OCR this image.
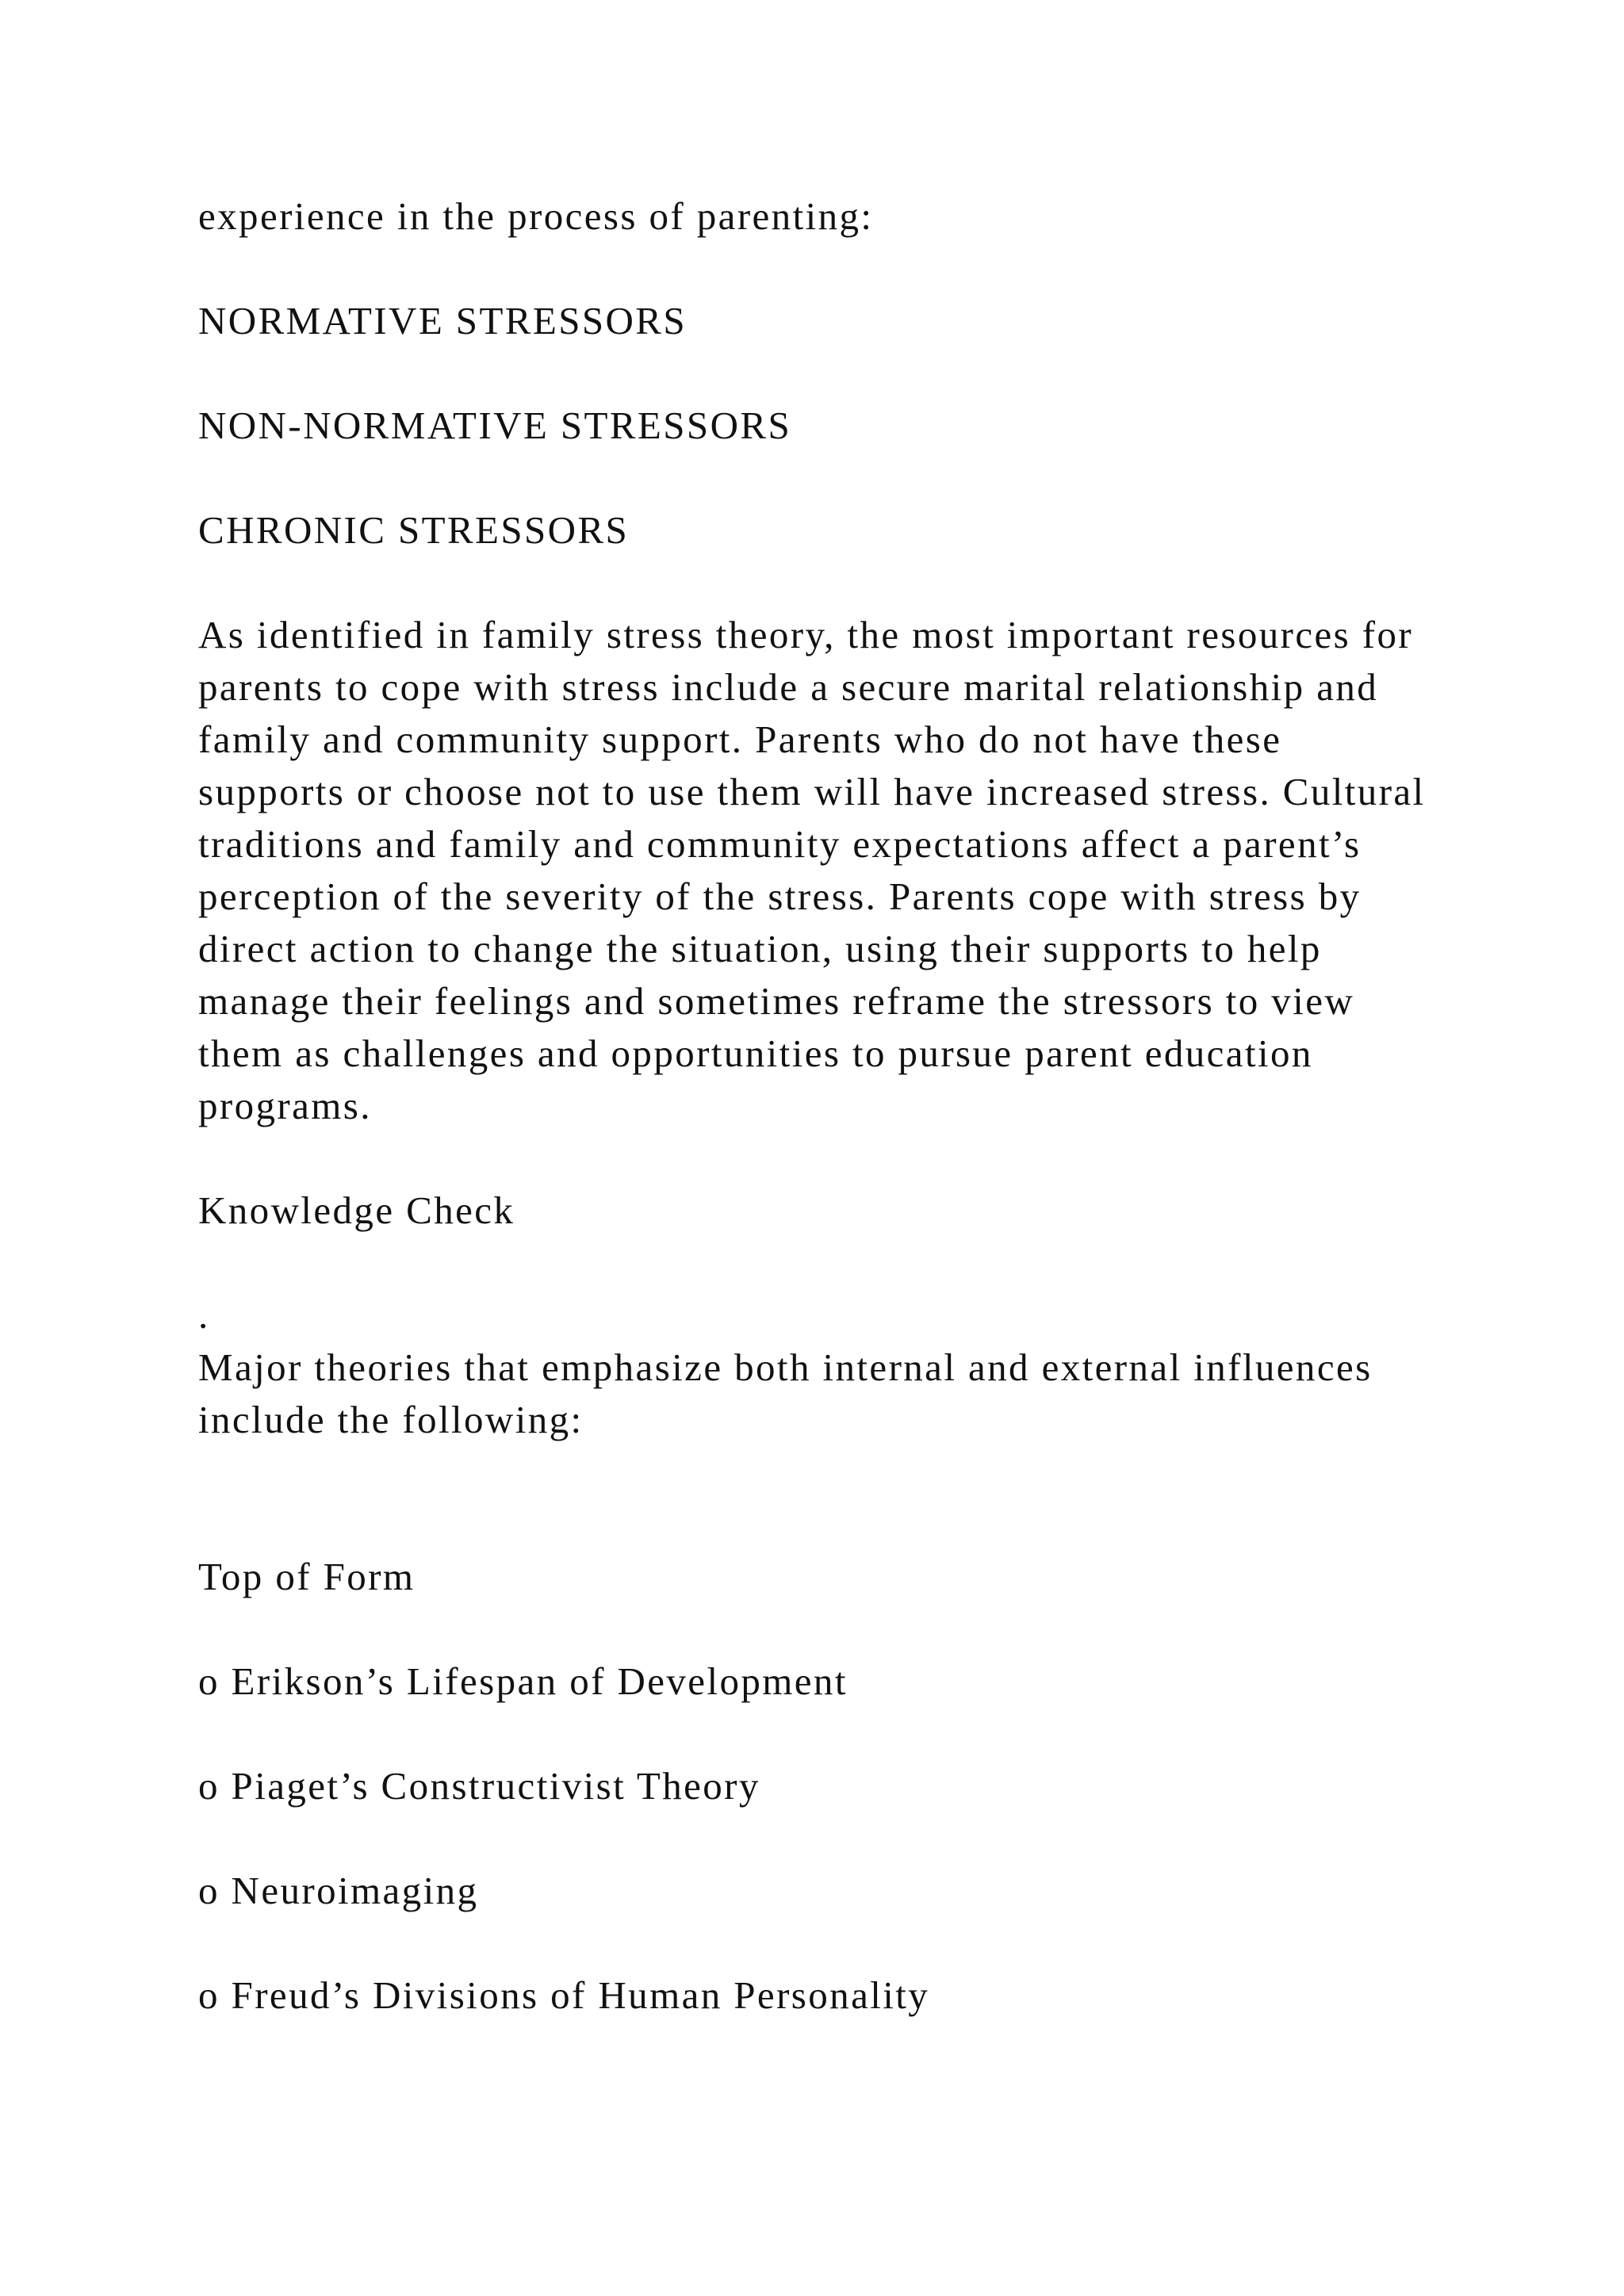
experience in the process of parenting:

NORMATIVE STRESSORS

NON-NORMATIVE STRESSORS

CHRONIC STRESSORS

As identified in family stress theory, the most important resources for parents to cope with stress include a secure marital relationship and family and community support. Parents who do not have these supports or choose not to use them will have increased stress. Cultural traditions and family and community expectations affect a parent’s perception of the severity of the stress. Parents cope with stress by direct action to change the situation, using their supports to help manage their feelings and sometimes reframe the stressors to view them as challenges and opportunities to pursue parent education programs.

Knowledge Check

.

Major theories that emphasize both internal and external influences include the following:

Top of Form

o Erikson’s Lifespan of Development

o Piaget’s Constructivist Theory

o Neuroimaging

o Freud’s Divisions of Human Personality
